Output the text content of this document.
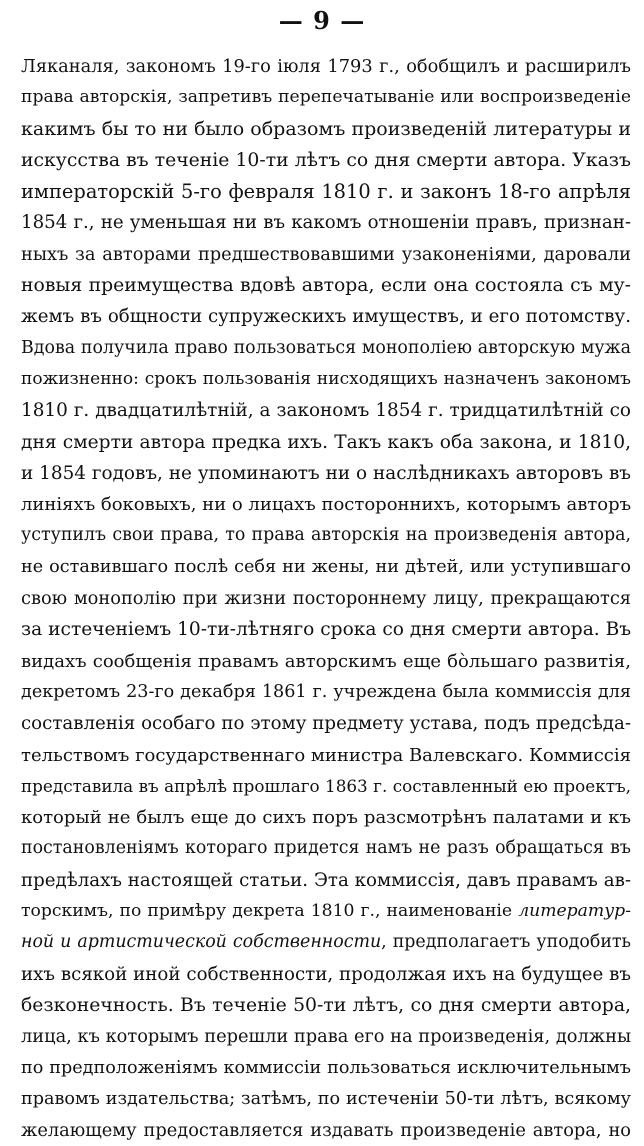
— 9 —
Ляканаля, закономъ 19-го іюля 1793 г., обобщилъ и расширилъ
права авторскія, запретивъ перепечатываніе или воспроизведеніе
какимъ бы то ни было образомъ произведеній литературы и
искусства въ теченіе 10-ти лѣтъ со дня смерти автора. Указъ
императорскій 5-го февраля 1810 г. и законъ 18-го апрѣля
1854 г., не уменьшая ни въ какомъ отношеніи правъ, признан-
ныхъ за авторами предшествовавшими узаконеніями, даровали
новыя преимущества вдовѣ автора, если она состояла съ му-
жемъ въ общности супружескихъ имуществъ, и его потомству.
Вдова получила право пользоваться монополіею авторскую мужа
пожизненно: срокъ пользованія нисходящихъ назначенъ закономъ
1810 г. двадцатилѣтній, а закономъ 1854 г. тридцатилѣтній со
дня смерти автора предка ихъ. Такъ какъ оба закона, и 1810,
и 1854 годовъ, не упоминаютъ ни о наслѣдникахъ авторовъ въ
линіяхъ боковыхъ, ни о лицахъ постороннихъ, которымъ авторъ
уступилъ свои права, то права авторскія на произведенія автора,
не оставившаго послѣ себя ни жены, ни дѣтей, или уступившаго
свою монополію при жизни постороннему лицу, прекращаются
за истеченіемъ 10-ти-лѣтняго срока со дня смерти автора. Въ
видахъ сообщенія правамъ авторскимъ еще бо̀льшаго развитія,
декретомъ 23-го декабря 1861 г. учреждена была коммиссія для
составленія особаго по этому предмету устава, подъ предсѣда-
тельствомъ государственнаго министра Валевскаго. Коммиссія
представила въ апрѣлѣ прошлаго 1863 г. составленный ею проектъ,
который не былъ еще до сихъ поръ разсмотрѣнъ палатами и къ
постановленіямъ котораго придется намъ не разъ обращаться въ
предѣлахъ настоящей статьи. Эта коммиссія, давъ правамъ ав-
торскимъ, по примѣру декрета 1810 г., наименованіе литератур-
ной и артистической собственности, предполагаетъ уподобить
ихъ всякой иной собственности, продолжая ихъ на будущее въ
безконечность. Въ теченіе 50-ти лѣтъ, со дня смерти автора,
лица, къ которымъ перешли права его на произведенія, должны
по предположеніямъ коммиссіи пользоваться исключительнымъ
правомъ издательства; затѣмъ, по истеченіи 50-ти лѣтъ, всякому
желающему предоставляется издавать произведеніе автора, но
